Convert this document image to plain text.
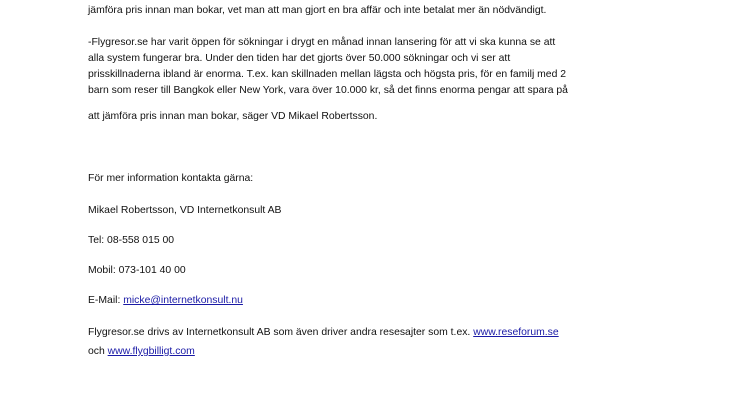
jämföra pris innan man bokar, vet man att man gjort en bra affär och inte betalat mer än nödvändigt.
-Flygresor.se har varit öppen för sökningar i drygt en månad innan lansering för att vi ska kunna se att
alla system fungerar bra. Under den tiden har det gjorts över 50.000 sökningar och vi ser att
prisskillnaderna ibland är enorma. T.ex. kan skillnaden mellan lägsta och högsta pris, för en familj med 2
barn som reser till Bangkok eller New York, vara över 10.000 kr, så det finns enorma pengar att spara på
att jämföra pris innan man bokar, säger VD Mikael Robertsson.
För mer information kontakta gärna:
Mikael Robertsson, VD Internetkonsult AB
Tel: 08-558 015 00
Mobil: 073-101 40 00
E-Mail: micke@internetkonsult.nu
Flygresor.se drivs av Internetkonsult AB som även driver andra resesajter som t.ex. www.reseforum.se
och www.flygbilligt.com
